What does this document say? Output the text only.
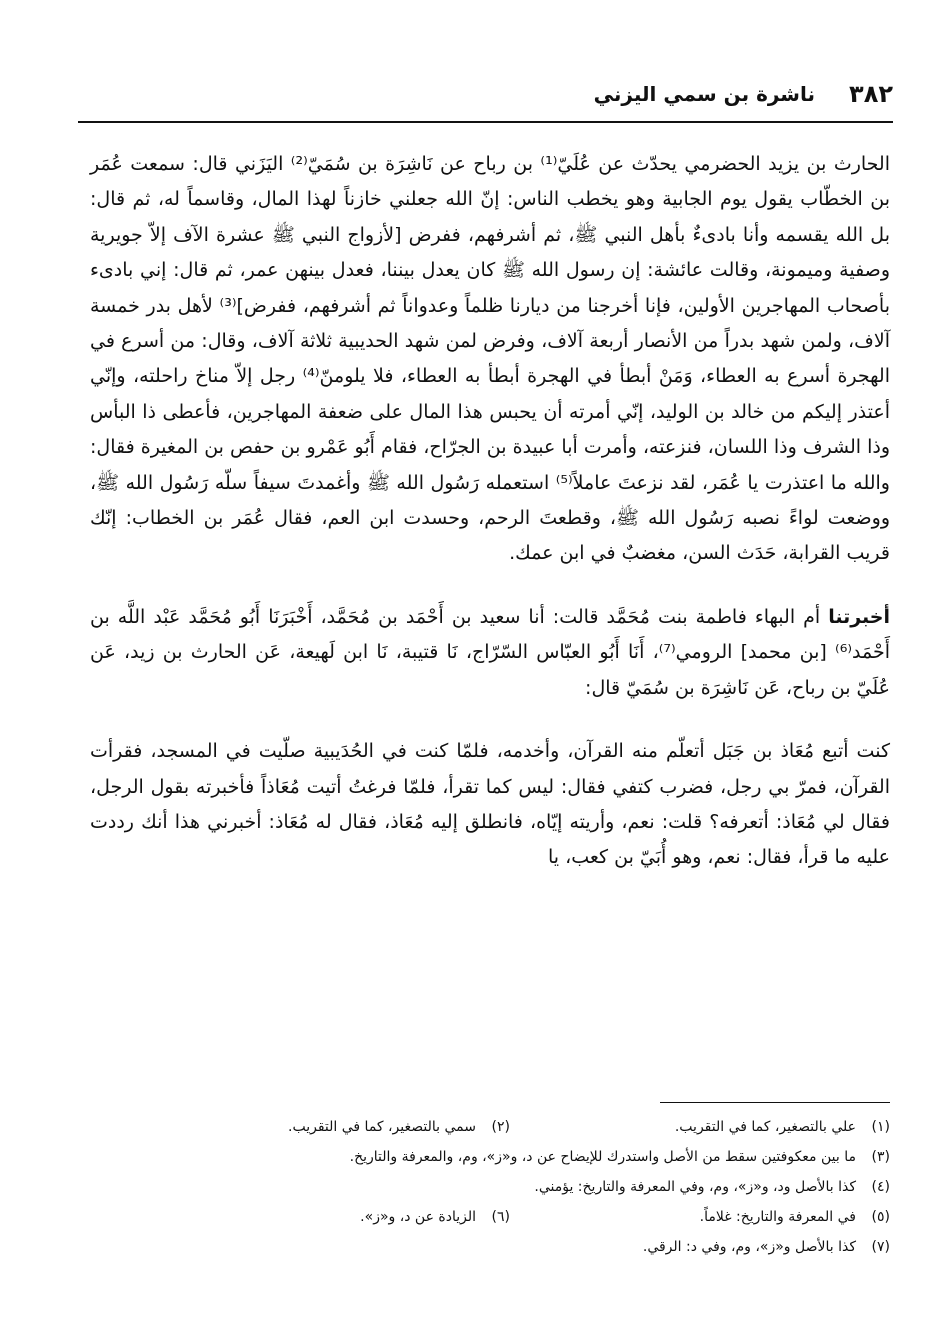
٣٨٢
ناشرة بن سمي اليزني

الحارث بن يزيد الحضرمي يحدّث عن عُلَيّ⁽¹⁾ بن رباح عن نَاشِرَة بن سُمَيّ⁽²⁾ اليَزَني قال: سمعت عُمَر بن الخطّاب يقول يوم الجابية وهو يخطب الناس: إنّ الله جعلني خازناً لهذا المال، وقاسماً له، ثم قال: بل الله يقسمه وأنا بادىءٌ بأهل النبي ﷺ، ثم أشرفهم، ففرض [لأزواج النبي ﷺ عشرة الآف إلاّ جويرية وصفية وميمونة، وقالت عائشة: إن رسول الله ﷺ كان يعدل بيننا، فعدل بينهن عمر، ثم قال: إني بادىء بأصحاب المهاجرين الأولين، فإنا أخرجنا من ديارنا ظلماً وعدواناً ثم أشرفهم، ففرض]⁽³⁾ لأهل بدر خمسة آلاف، ولمن شهد بدراً من الأنصار أربعة آلاف، وفرض لمن شهد الحديبية ثلاثة آلاف، وقال: من أسرع في الهجرة أسرع به العطاء، وَمَنْ أبطأ في الهجرة أبطأ به العطاء، فلا يلومنّ⁽⁴⁾ رجل إلاّ مناخ راحلته، وإنّي أعتذر إليكم من خالد بن الوليد، إنّي أمرته أن يحبس هذا المال على ضعفة المهاجرين، فأعطى ذا البأس وذا الشرف وذا اللسان، فنزعته، وأمرت أبا عبيدة بن الجرّاح، فقام أَبُو عَمْرو بن حفص بن المغيرة فقال: والله ما اعتذرت يا عُمَر، لقد نزعتَ عاملاً⁽⁵⁾ استعمله رَسُول الله ﷺ وأغمدتَ سيفاً سلّه رَسُول الله ﷺ، ووضعت لواءً نصبه رَسُول الله ﷺ، وقطعتَ الرحم، وحسدت ابن العم، فقال عُمَر بن الخطاب: إنّك قريب القرابة، حَدَث السن، مغضبٌ في ابن عمك.

أخبرتنا أم البهاء فاطمة بنت مُحَمَّد قالت: أنا سعيد بن أَحْمَد بن مُحَمَّد، أَخْبَرَنَا أَبُو مُحَمَّد عَبْد اللَّه بن أَحْمَد⁽⁶⁾ [بن محمد] الرومي⁽⁷⁾، أَنَا أَبُو العبّاس السّرّاج، نَا قتيبة، نَا ابن لَهيعة، عَن الحارث بن زيد، عَن عُلَيّ بن رباح، عَن نَاشِرَة بن سُمَيّ قال:

كنت أتبع مُعَاذ بن جَبَل أتعلّم منه القرآن، وأخدمه، فلمّا كنت في الحُدَيبية صلّيت في المسجد، فقرأت القرآن، فمرّ بي رجل، فضرب كتفي فقال: ليس كما تقرأ، فلمّا فرغتُ أتيت مُعَاذاً فأخبرته بقول الرجل، فقال لي مُعَاذ: أتعرفه؟ قلت: نعم، وأريته إيّاه، فانطلق إليه مُعَاذ، فقال له مُعَاذ: أخبرني هذا أنك رددت عليه ما قرأ، فقال: نعم، وهو أُبَيّ بن كعب، يا

(١)
علي بالتصغير، كما في التقريب.
(٢)
سمي بالتصغير، كما في التقريب.
(٣)
ما بين معكوفتين سقط من الأصل واستدرك للإيضاح عن د، و«ز»، وم، والمعرفة والتاريخ.
(٤)
كذا بالأصل ود، و«ز»، وم، وفي المعرفة والتاريخ: يؤمني.
(٥)
في المعرفة والتاريخ: غلاماً.
(٦)
الزيادة عن د، و«ز».
(٧)
كذا بالأصل و«ز»، وم، وفي د: الرقي.
